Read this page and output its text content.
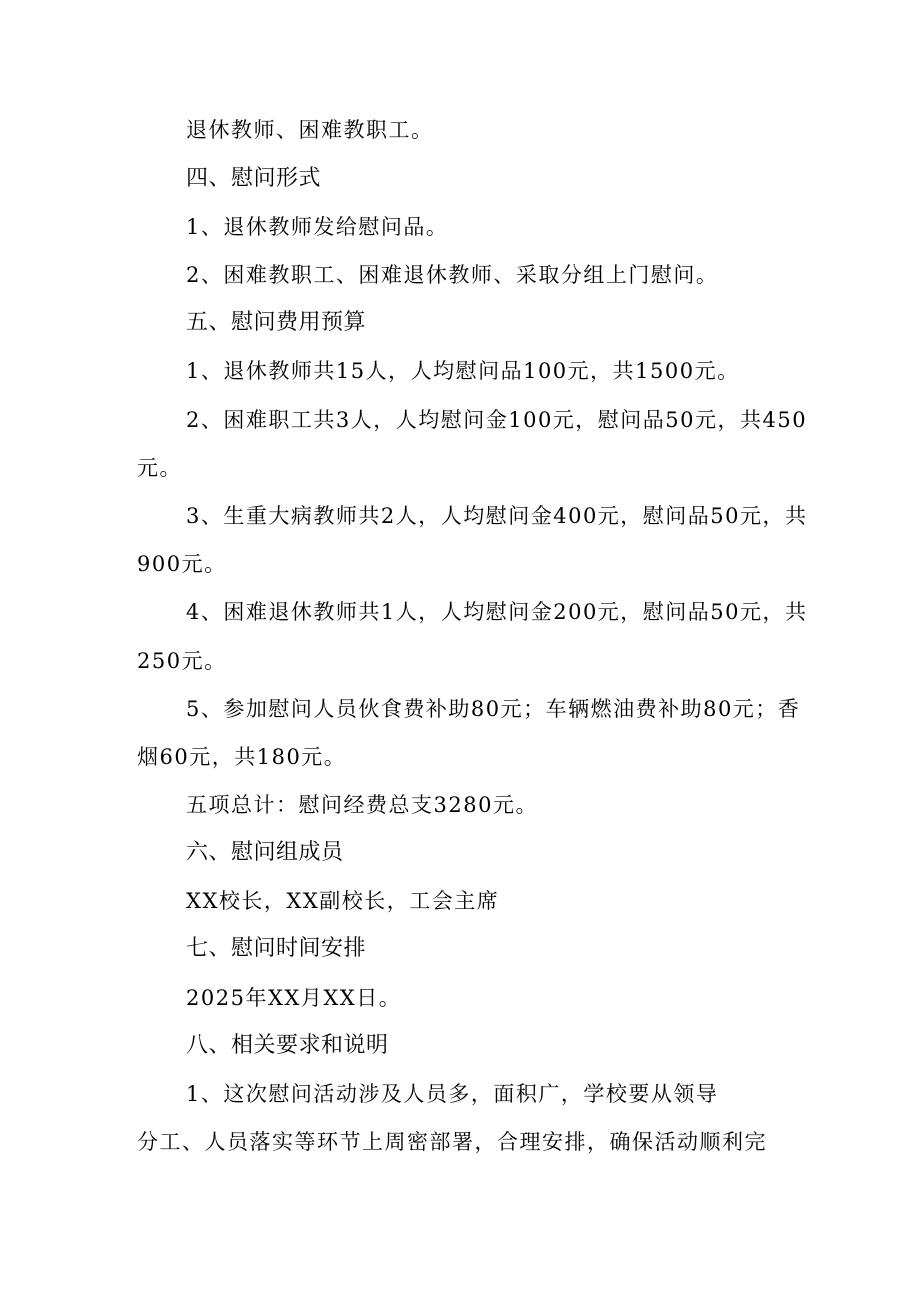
退休教师、困难教职工。
四、慰问形式
1、退休教师发给慰问品。
2、困难教职工、困难退休教师、采取分组上门慰问。
五、慰问费用预算
1、退休教师共15人，人均慰问品100元，共1500元。
2、困难职工共3人，人均慰问金100元，慰问品50元，共450
元。
3、生重大病教师共2人，人均慰问金400元，慰问品50元，共
900元。
4、困难退休教师共1人，人均慰问金200元，慰问品50元，共
250元。
5、参加慰问人员伙食费补助80元；车辆燃油费补助80元；香
烟60元，共180元。
五项总计：慰问经费总支3280元。
六、慰问组成员
XX校长，XX副校长，工会主席
七、慰问时间安排
2025年XX月XX日。
八、相关要求和说明
1、这次慰问活动涉及人员多，面积广，学校要从领导
分工、人员落实等环节上周密部署，合理安排，确保活动顺利完
